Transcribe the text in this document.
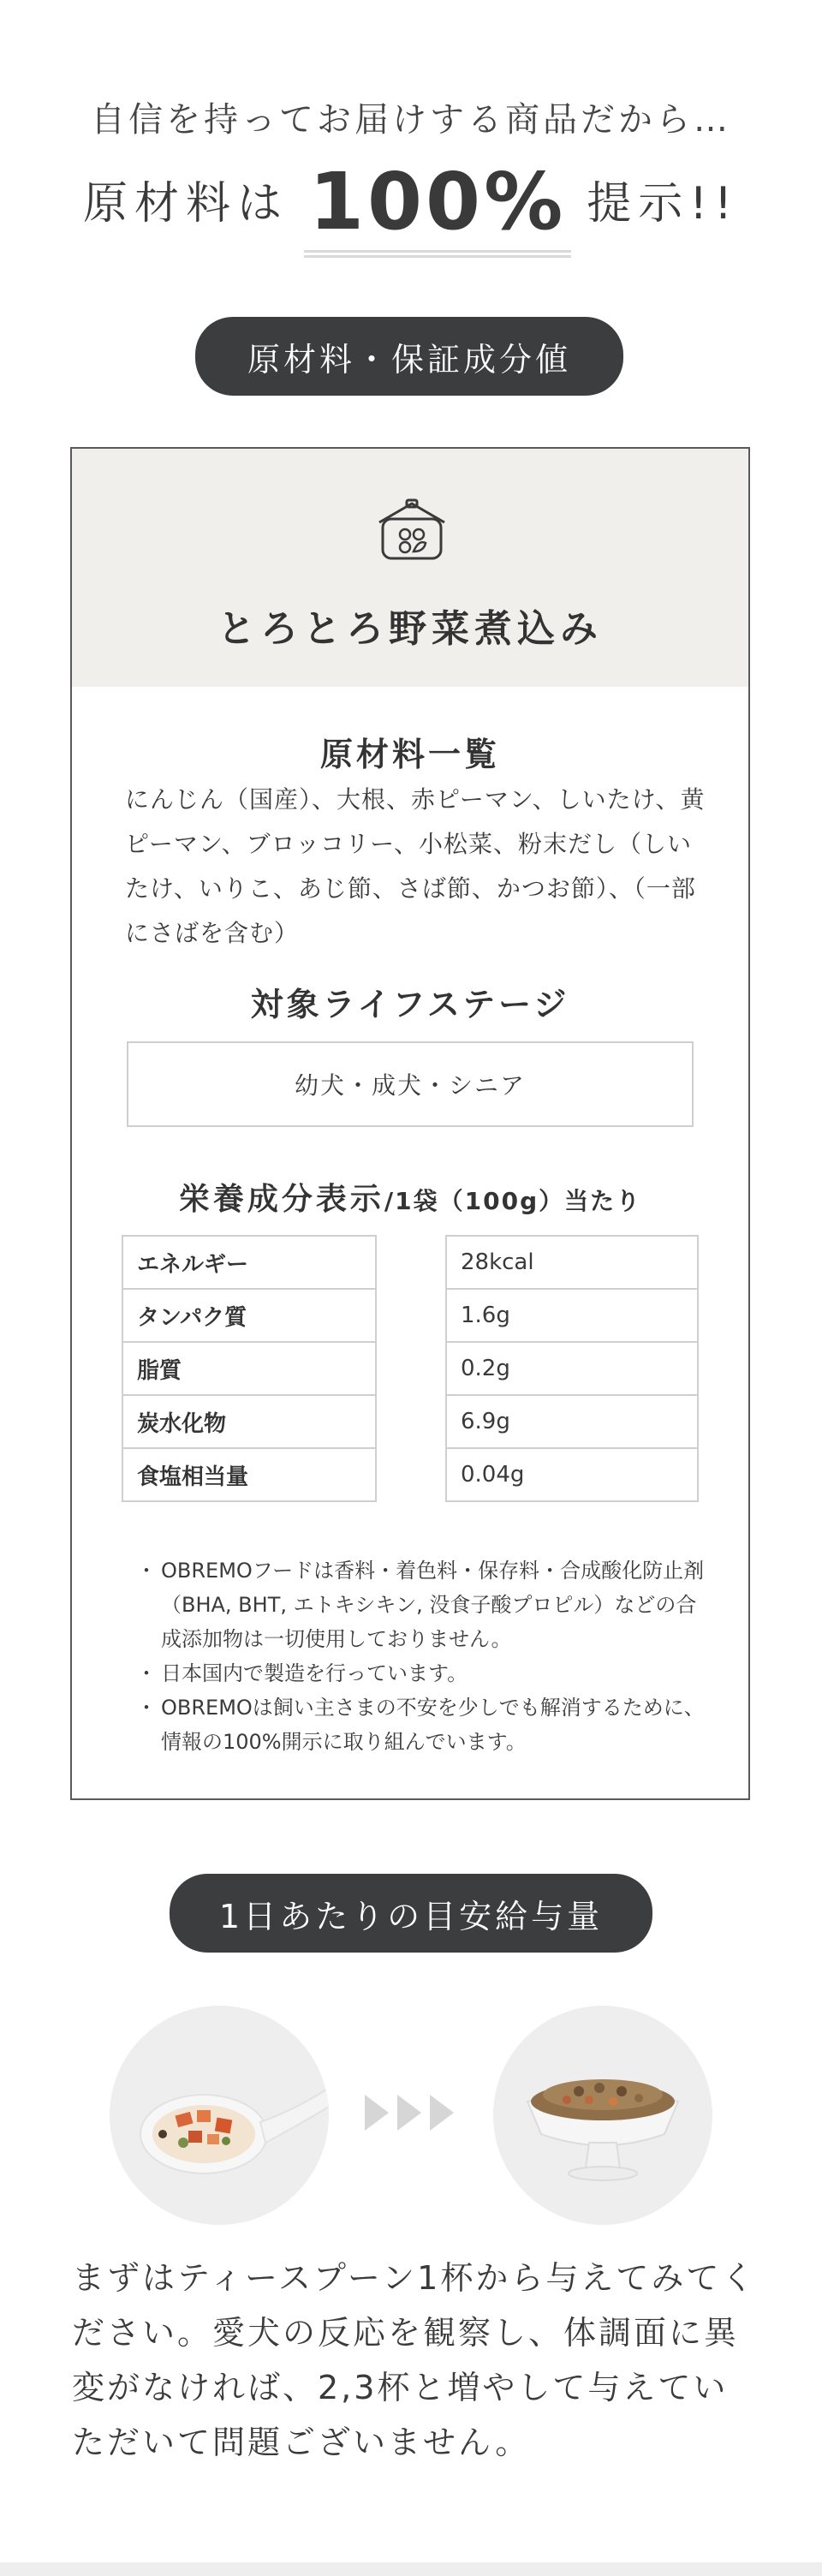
自信を持ってお届けする商品だから…
原材料は 100% 提示!!
原材料・保証成分値
とろとろ野菜煮込み
原材料一覧
にんじん（国産）、大根、赤ピーマン、しいたけ、黄ピーマン、ブロッコリー、小松菜、粉末だし（しいたけ、いりこ、あじ節、さば節、かつお節）、（一部にさばを含む）
対象ライフステージ
幼犬・成犬・シニア
栄養成分表示/1袋（100g）当たり
エネルギー
タンパク質
脂質
炭水化物
食塩相当量
28kcal
1.6g
0.2g
6.9g
0.04g
・ OBREMOフードは香料・着色料・保存料・合成酸化防止剤（BHA, BHT, エトキシキン, 没食子酸プロピル）などの合成添加物は一切使用しておりません。
・ 日本国内で製造を行っています。
・ OBREMOは飼い主さまの不安を少しでも解消するために、情報の100%開示に取り組んでいます。
1日あたりの目安給与量
まずはティースプーン1杯から与えてみてください。愛犬の反応を観察し、体調面に異変がなければ、2,3杯と増やして与えていただいて問題ございません。
